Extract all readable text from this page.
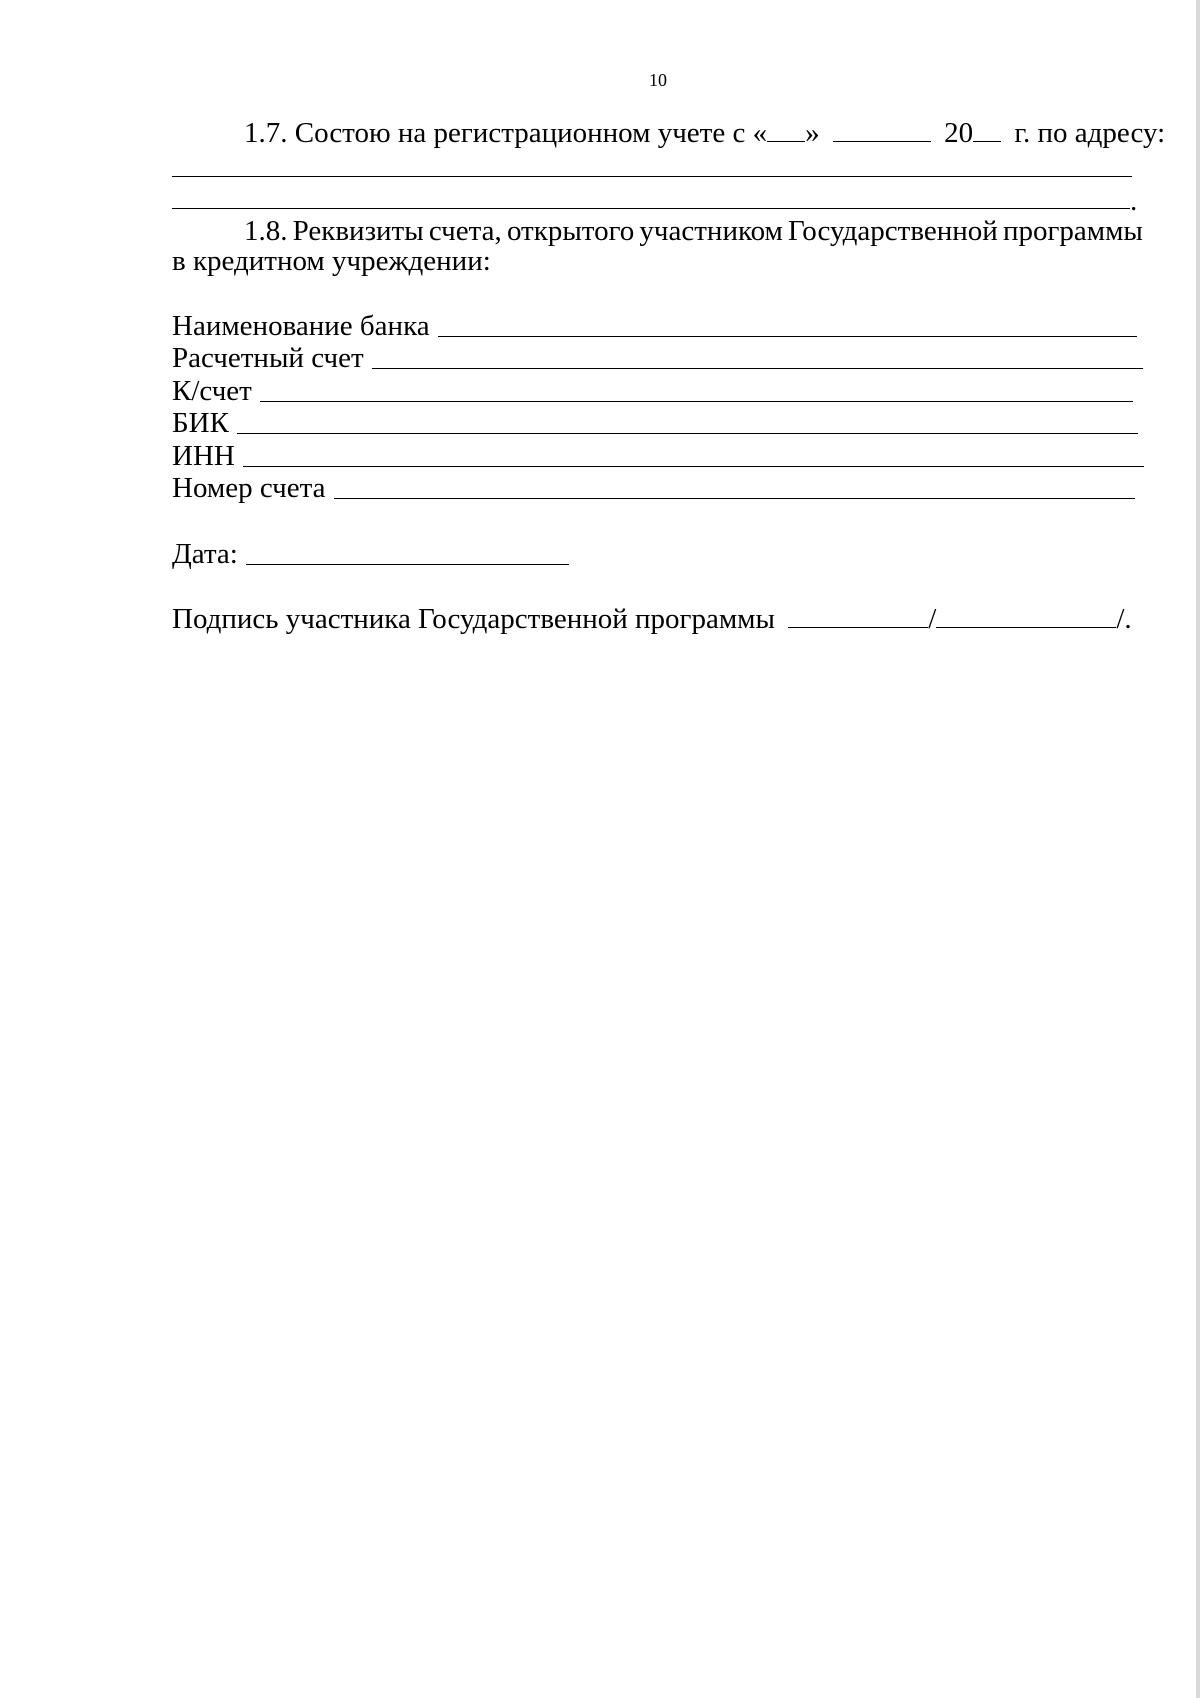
10
1.7. Состою на регистрационном учете с « »	20 г. по адресу:
.
1.8. Реквизиты счета, открытого участником Государственной программы
в кредитном учреждении:
Наименование банка
Расчетный счет
К/счет
БИК
ИНН
Номер счета
Дата:
Подпись участника Государственной программы	/	/.
